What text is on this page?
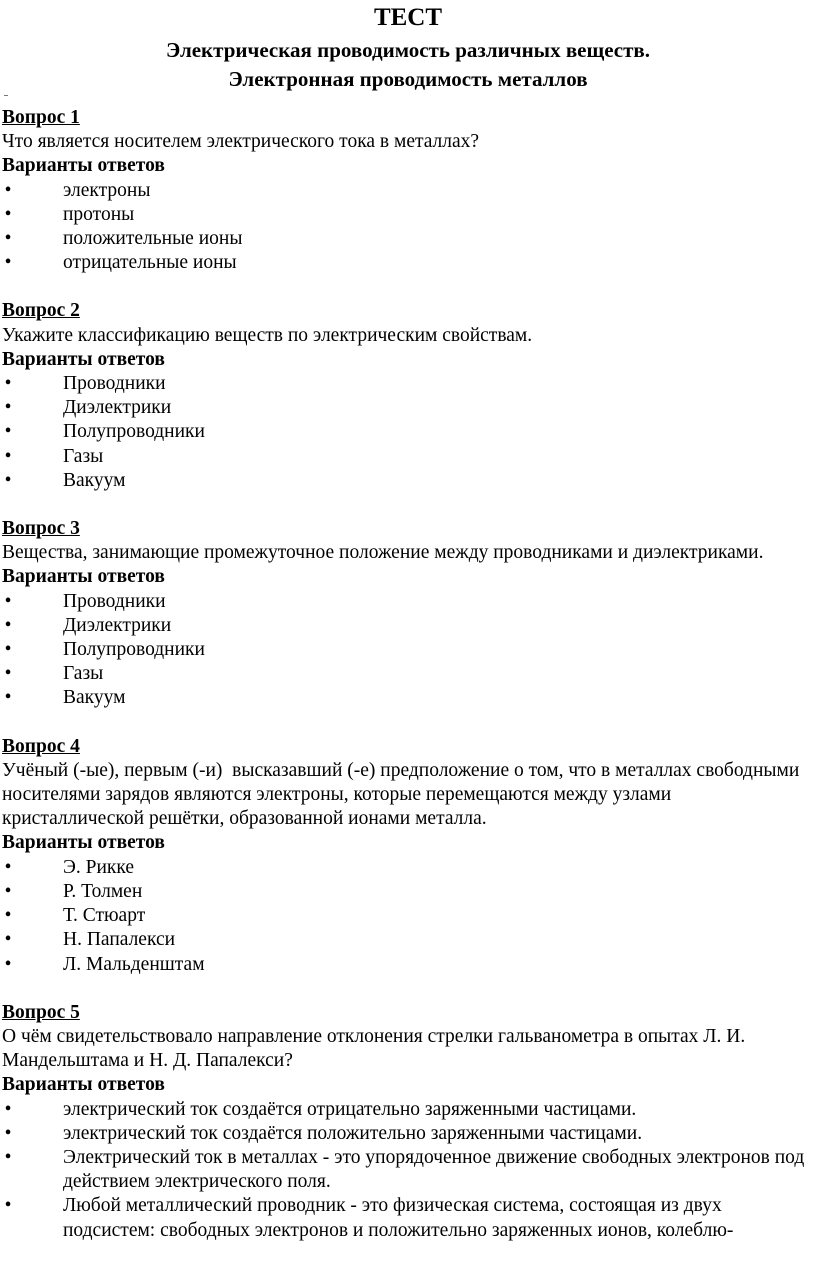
ТЕСТ
Электрическая проводимость различных веществ.
Электронная проводимость металлов
Вопрос 1
Что является носителем электрического тока в металлах?
Варианты ответов
•	электроны
•	протоны
•	положительные ионы
•	отрицательные ионы
Вопрос 2
Укажите классификацию веществ по электрическим свойствам.
Варианты ответов
•	Проводники
•	Диэлектрики
•	Полупроводники
•	Газы
•	Вакуум
Вопрос 3
Вещества, занимающие промежуточное положение между проводниками и диэлектриками.
Варианты ответов
•	Проводники
•	Диэлектрики
•	Полупроводники
•	Газы
•	Вакуум
Вопрос 4
Учёный (-ые), первым (-и)  высказавший (-е) предположение о том, что в металлах свободными носителями зарядов являются электроны, которые перемещаются между узлами кристаллической решётки, образованной ионами металла.
Варианты ответов
•	Э. Рикке
•	Р. Толмен
•	Т. Стюарт
•	Н. Папалекси
•	Л. Мальденштам
Вопрос 5
О чём свидетельствовало направление отклонения стрелки гальванометра в опытах Л. И. Мандельштама и Н. Д. Папалекси?
Варианты ответов
•	электрический ток создаётся отрицательно заряженными частицами.
•	электрический ток создаётся положительно заряженными частицами.
•	Электрический ток в металлах - это упорядоченное движение свободных электронов под действием электрического поля.
•	Любой металлический проводник - это физическая система, состоящая из двух подсистем: свободных электронов и положительно заряженных ионов, колеблю-
